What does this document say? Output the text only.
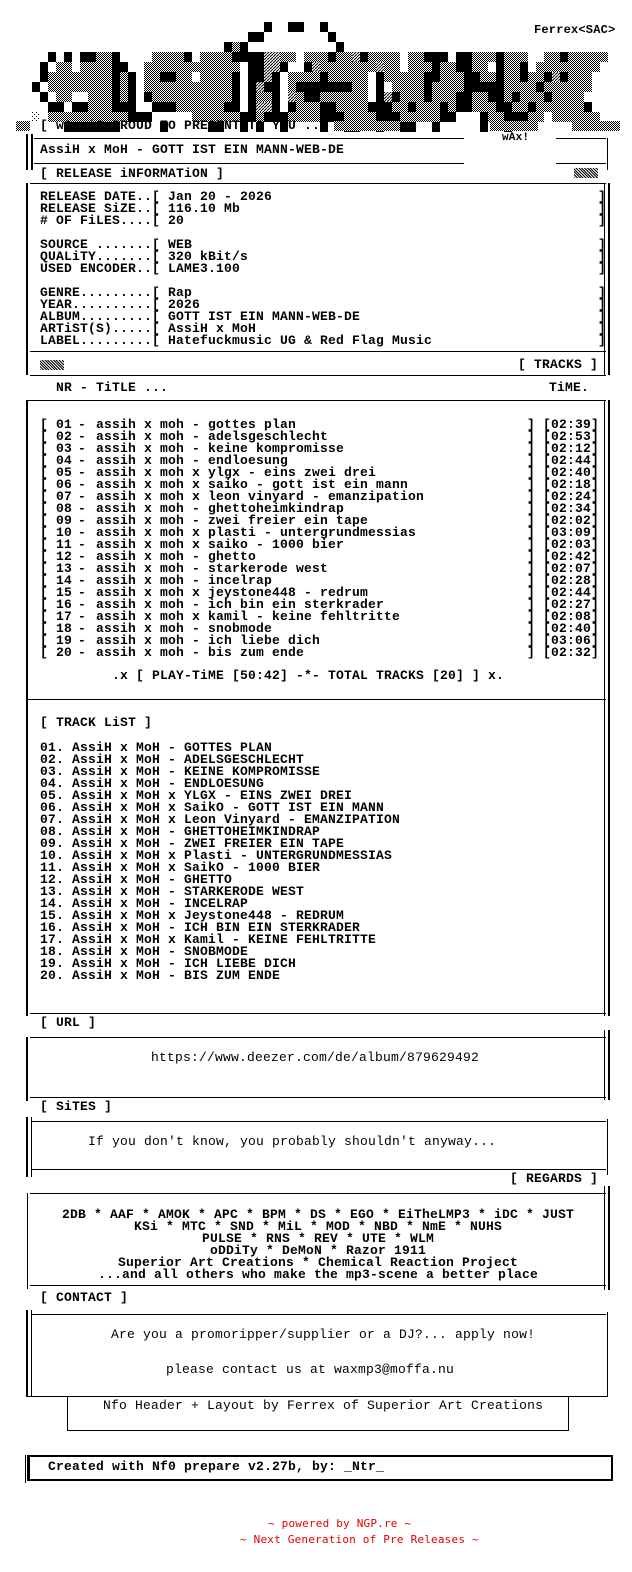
Ferrex<SAC>
[ wAx iS PROUD TO PRESENT TO YOU ..]
wAx!
AssiH x MoH - GOTT IST EIN MANN-WEB-DE
[ RELEASE iNFORMATiON ]
RELEASE DATE..[ Jan 20 - 2026	]
RELEASE SiZE..[ 116.10 Mb	]
# OF FiLES....[ 20	]
SOURCE .......[ WEB	]
QUALiTY.......[ 320 kBit/s	]
USED ENCODER..[ LAME3.100	]
GENRE.........[ Rap	]
YEAR..........[ 2026	]
ALBUM.........[ GOTT IST EIN MANN-WEB-DE	]
ARTiST(S).....[ AssiH x MoH	]
LABEL.........[ Hatefuckmusic UG & Red Flag Music	]
[ TRACKS ]
NR - TiTLE ...	TiME.
[ 01 - assih x moh - gottes plan	] [ 02:39 ]
[ 02 - assih x moh - adelsgeschlecht	] [ 02:53 ]
[ 03 - assih x moh - keine kompromisse	] [ 02:12 ]
[ 04 - assih x moh - endloesung	] [ 02:44 ]
[ 05 - assih x moh x ylgx - eins zwei drei	] [ 02:40 ]
[ 06 - assih x moh x saiko - gott ist ein mann	] [ 02:18 ]
[ 07 - assih x moh x leon vinyard - emanzipation	] [ 02:24 ]
[ 08 - assih x moh - ghettoheimkindrap	] [ 02:34 ]
[ 09 - assih x moh - zwei freier ein tape	] [ 02:02 ]
[ 10 - assih x moh x plasti - untergrundmessias	] [ 03:09 ]
[ 11 - assih x moh x saiko - 1000 bier	] [ 02:03 ]
[ 12 - assih x moh - ghetto	] [ 02:42 ]
[ 13 - assih x moh - starkerode west	] [ 02:07 ]
[ 14 - assih x moh - incelrap	] [ 02:28 ]
[ 15 - assih x moh x jeystone448 - redrum	] [ 02:44 ]
[ 16 - assih x moh - ich bin ein sterkrader	] [ 02:27 ]
[ 17 - assih x moh x kamil - keine fehltritte	] [ 02:08 ]
[ 18 - assih x moh - snobmode	] [ 02:40 ]
[ 19 - assih x moh - ich liebe dich	] [ 03:06 ]
[ 20 - assih x moh - bis zum ende	] [ 02:32 ]
.x [ PLAY-TiME [50:42] -*- TOTAL TRACKS [20] ] x.
[ TRACK LiST ]
01. AssiH x MoH - GOTTES PLAN
02. AssiH x MoH - ADELSGESCHLECHT
03. AssiH x MoH - KEINE KOMPROMISSE
04. AssiH x MoH - ENDLOESUNG
05. AssiH x MoH x YLGX - EINS ZWEI DREI
06. AssiH x MoH x SaikO - GOTT IST EIN MANN
07. AssiH x MoH x Leon Vinyard - EMANZIPATION
08. AssiH x MoH - GHETTOHEIMKINDRAP
09. AssiH x MoH - ZWEI FREIER EIN TAPE
10. AssiH x MoH x Plasti - UNTERGRUNDMESSIAS
11. AssiH x MoH x SaikO - 1000 BIER
12. AssiH x MoH - GHETTO
13. AssiH x MoH - STARKERODE WEST
14. AssiH x MoH - INCELRAP
15. AssiH x MoH x Jeystone448 - REDRUM
16. AssiH x MoH - ICH BIN EIN STERKRADER
17. AssiH x MoH x Kamil - KEINE FEHLTRITTE
18. AssiH x MoH - SNOBMODE
19. AssiH x MoH - ICH LIEBE DICH
20. AssiH x MoH - BIS ZUM ENDE
[ URL ]
https://www.deezer.com/de/album/879629492
[ SiTES ]
If you don't know, you probably shouldn't anyway...
[ REGARDS ]
2DB * AAF * AMOK * APC * BPM * DS * EGO * EiTheLMP3 * iDC * JUST
KSi * MTC * SND * MiL * MOD * NBD * NmE * NUHS
PULSE * RNS * REV * UTE * WLM
oDDiTy * DeMoN * Razor 1911
Superior Art Creations * Chemical Reaction Project
...and all others who make the mp3-scene a better place
[ CONTACT ]
Are you a promoripper/supplier or a DJ?... apply now!
please contact us at waxmp3@moffa.nu
Nfo Header + Layout by Ferrex of Superior Art Creations
Created with Nf0 prepare v2.27b, by: _Ntr_
~ powered by NGP.re ~
~ Next Generation of Pre Releases ~
